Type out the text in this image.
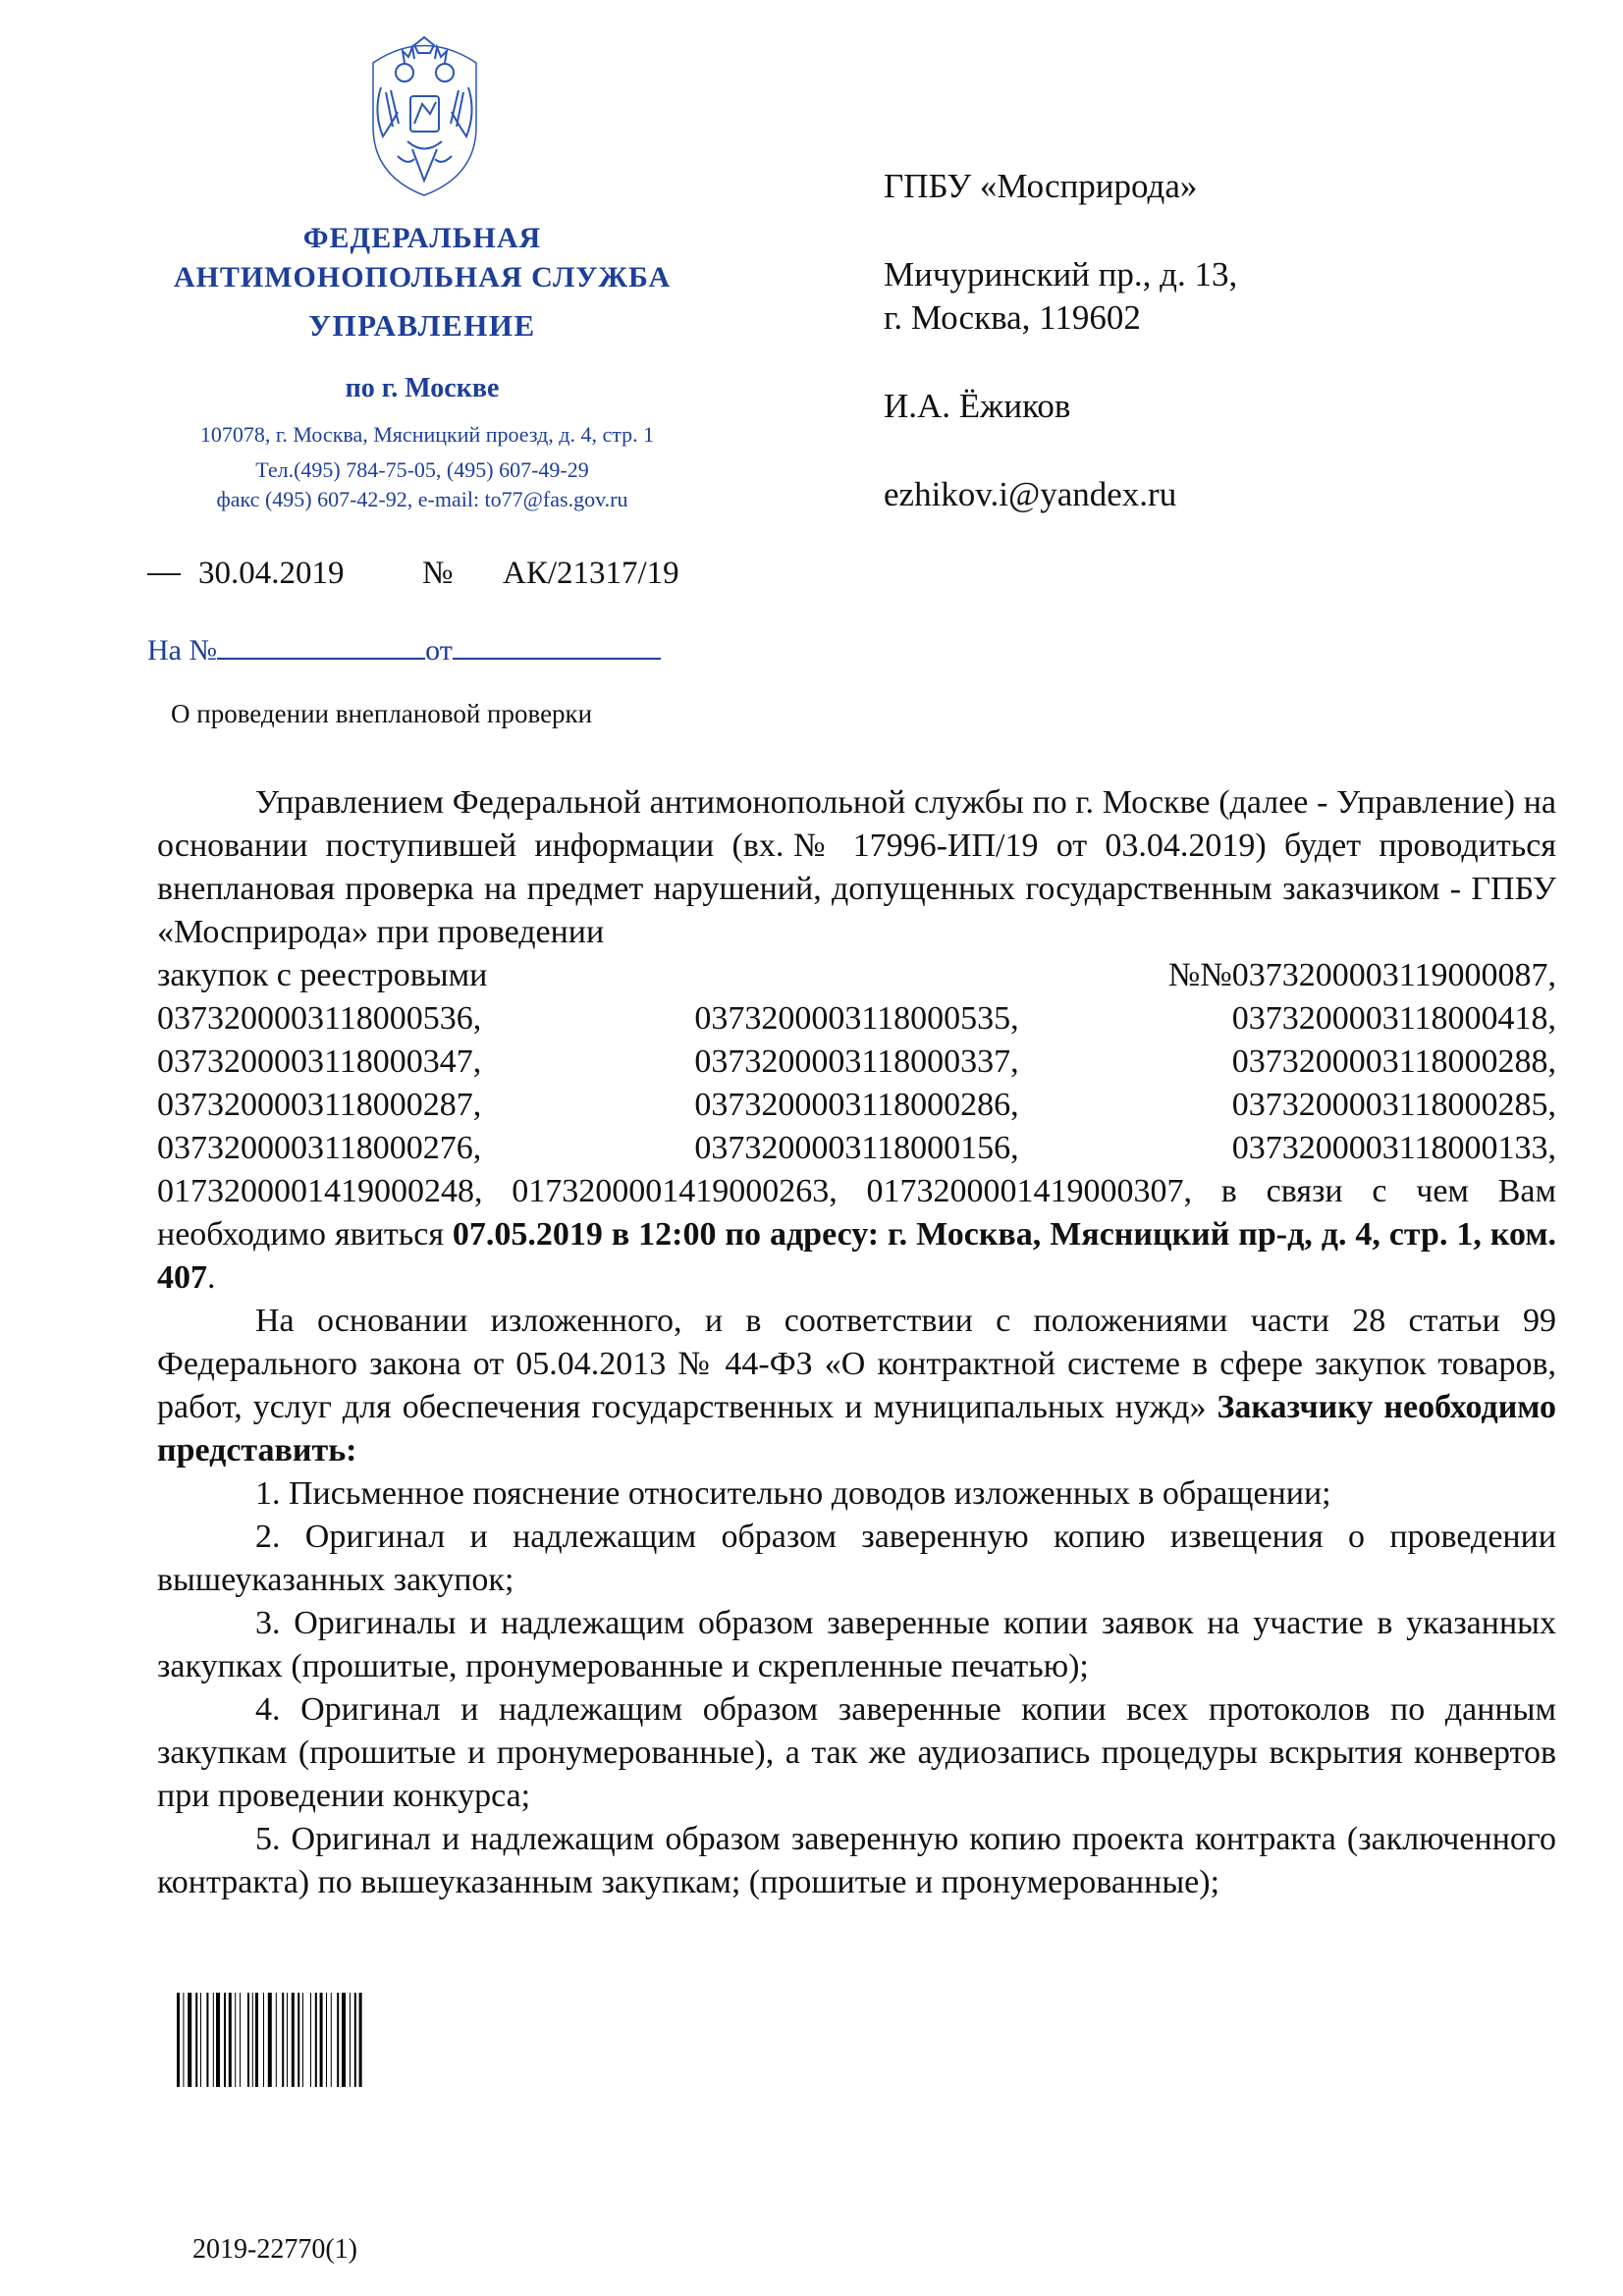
ФЕДЕРАЛЬНАЯ
АНТИМОНОПОЛЬНАЯ СЛУЖБА
УПРАВЛЕНИЕ
по г. Москве
107078, г. Москва, Мясницкий проезд, д. 4, стр. 1
Тел.(495) 784-75-05, (495) 607-49-29
факс (495) 607-42-92, e-mail: to77@fas.gov.ru
30.04.2019 № АК/21317/19
На №	от
О проведении внеплановой проверки
ГПБУ «Мосприрода»
Мичуринский пр., д. 13,
г. Москва, 119602
И.А. Ёжиков
ezhikov.i@yandex.ru

Управлением Федеральной антимонопольной службы по г. Москве (далее - Управление) на основании поступившей информации (вх.№ 17996-ИП/19 от 03.04.2019) будет проводиться внеплановая проверка на предмет нарушений, допущенных государственным заказчиком - ГПБУ «Мосприрода» при проведении

закупок с реестровыми	№№0373200003119000087,
0373200003118000536,	0373200003118000535,	0373200003118000418,
0373200003118000347,	0373200003118000337,	0373200003118000288,
0373200003118000287,	0373200003118000286,	0373200003118000285,
0373200003118000276,	0373200003118000156,	0373200003118000133,

0173200001419000248, 0173200001419000263, 0173200001419000307, в связи с чем Вам необходимо явиться 07.05.2019 в 12:00 по адресу: г. Москва, Мясницкий пр-д, д. 4, стр. 1, ком. 407.

На основании изложенного, и в соответствии с положениями части 28 статьи 99 Федерального закона от 05.04.2013 № 44-ФЗ «О контрактной системе в сфере закупок товаров, работ, услуг для обеспечения государственных и муниципальных нужд» Заказчику необходимо представить:

1. Письменное пояснение относительно доводов изложенных в обращении;

2. Оригинал и надлежащим образом заверенную копию извещения о проведении вышеуказанных закупок;

3. Оригиналы и надлежащим образом заверенные копии заявок на участие в указанных закупках (прошитые, пронумерованные и скрепленные печатью);

4. Оригинал и надлежащим образом заверенные копии всех протоколов по данным закупкам (прошитые и пронумерованные), а так же аудиозапись процедуры вскрытия конвертов при проведении конкурса;

5. Оригинал и надлежащим образом заверенную копию проекта контракта (заключенного контракта) по вышеуказанным закупкам; (прошитые и пронумерованные);

2019-22770(1)
